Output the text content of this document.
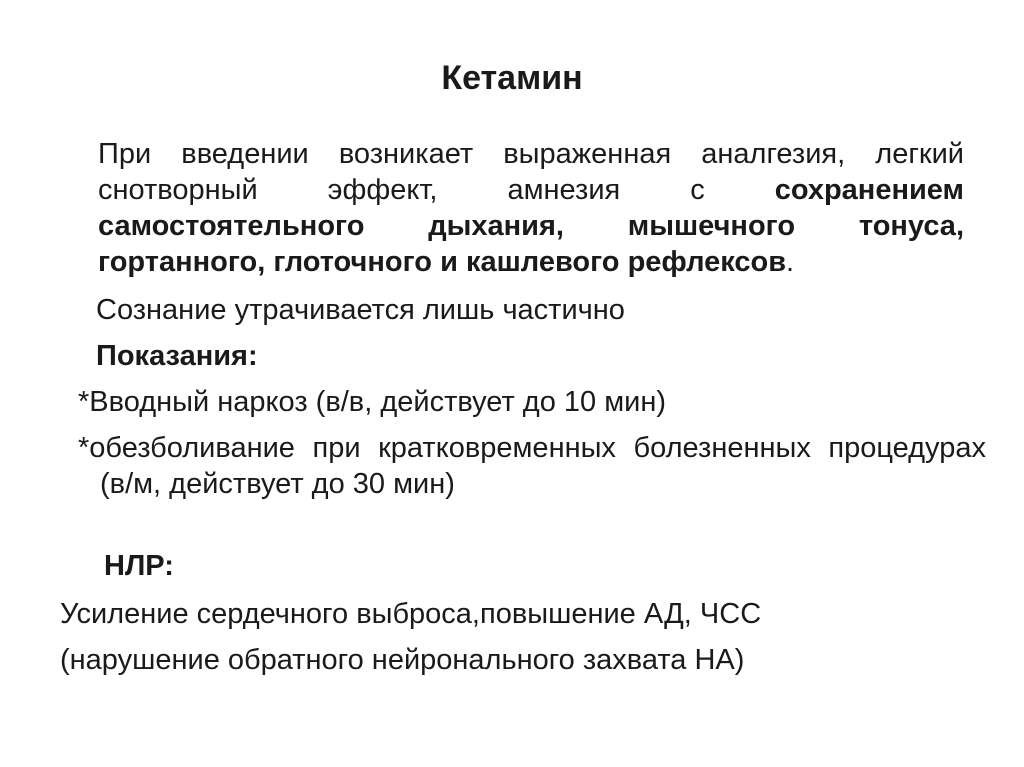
Кетамин

При введении возникает выраженная аналгезия, легкий снотворный эффект, амнезия с сохранением самостоятельного дыхания, мышечного тонуса, гортанного, глоточного и кашлевого рефлексов.

Сознание утрачивается лишь частично

Показания:

*Вводный наркоз (в/в, действует до 10 мин)

*обезболивание при кратковременных болезненных процедурах (в/м, действует до 30 мин)

НЛР:

Усиление сердечного выброса,повышение АД, ЧСС

(нарушение обратного нейронального захвата НА)
